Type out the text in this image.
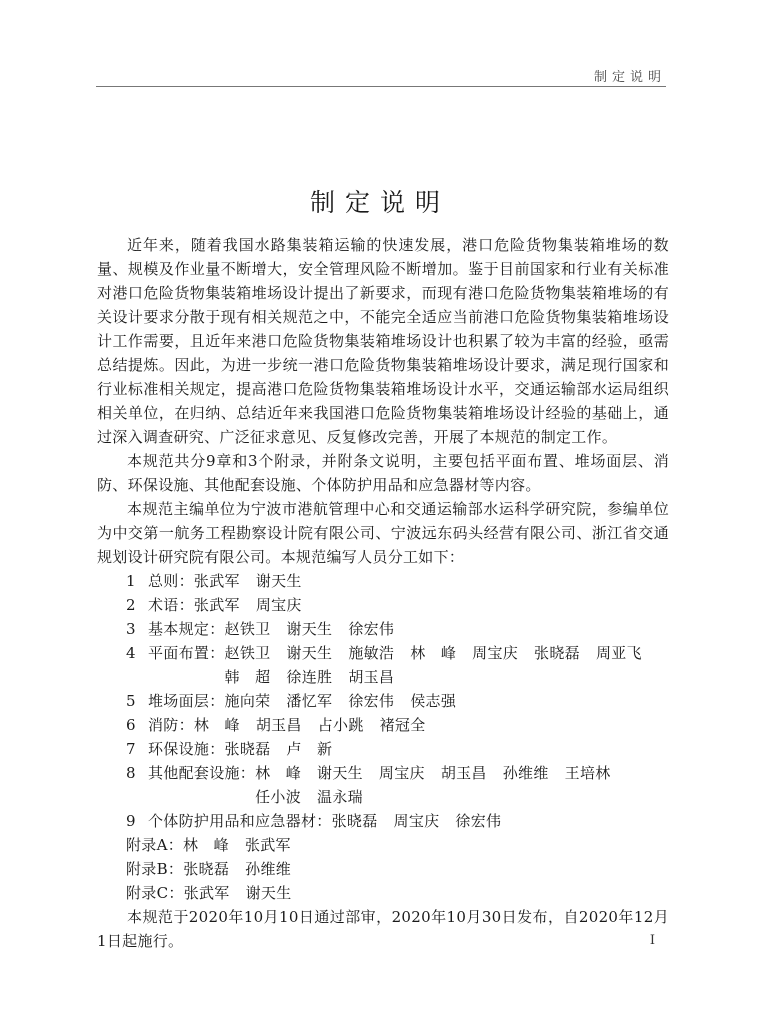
制定说明
制定说明

近年来，随着我国水路集装箱运输的快速发展，港口危险货物集装箱堆场的数量、规模及作业量不断增大，安全管理风险不断增加。鉴于目前国家和行业有关标准对港口危险货物集装箱堆场设计提出了新要求，而现有港口危险货物集装箱堆场的有关设计要求分散于现有相关规范之中，不能完全适应当前港口危险货物集装箱堆场设计工作需要，且近年来港口危险货物集装箱堆场设计也积累了较为丰富的经验，亟需总结提炼。因此，为进一步统一港口危险货物集装箱堆场设计要求，满足现行国家和行业标准相关规定，提高港口危险货物集装箱堆场设计水平，交通运输部水运局组织相关单位，在归纳、总结近年来我国港口危险货物集装箱堆场设计经验的基础上，通过深入调查研究、广泛征求意见、反复修改完善，开展了本规范的制定工作。

本规范共分9章和3个附录，并附条文说明，主要包括平面布置、堆场面层、消防、环保设施、其他配套设施、个体防护用品和应急器材等内容。

本规范主编单位为宁波市港航管理中心和交通运输部水运科学研究院，参编单位为中交第一航务工程勘察设计院有限公司、宁波远东码头经营有限公司、浙江省交通规划设计研究院有限公司。本规范编写人员分工如下：

1 总则： 张武军 谢天生
2 术语： 张武军 周宝庆
3 基本规定： 赵铁卫 谢天生 徐宏伟
4 平面布置： 赵铁卫 谢天生 施敏浩 林　峰 周宝庆 张晓磊 周亚飞韩　超 徐连胜 胡玉昌
5 堆场面层： 施向荣 潘忆军 徐宏伟 侯志强
6 消防： 林　峰 胡玉昌 占小跳 褚冠全
7 环保设施： 张晓磊 卢　新
8 其他配套设施： 林　峰 谢天生 周宝庆 胡玉昌 孙维维 王培林任小波 温永瑞
9 个体防护用品和应急器材： 张晓磊 周宝庆 徐宏伟
附录A：林　峰 张武军
附录B：张晓磊 孙维维
附录C：张武军 谢天生

本规范于2020年10月10日通过部审，2020年10月30日发布，自2020年12月1日起施行。	I
